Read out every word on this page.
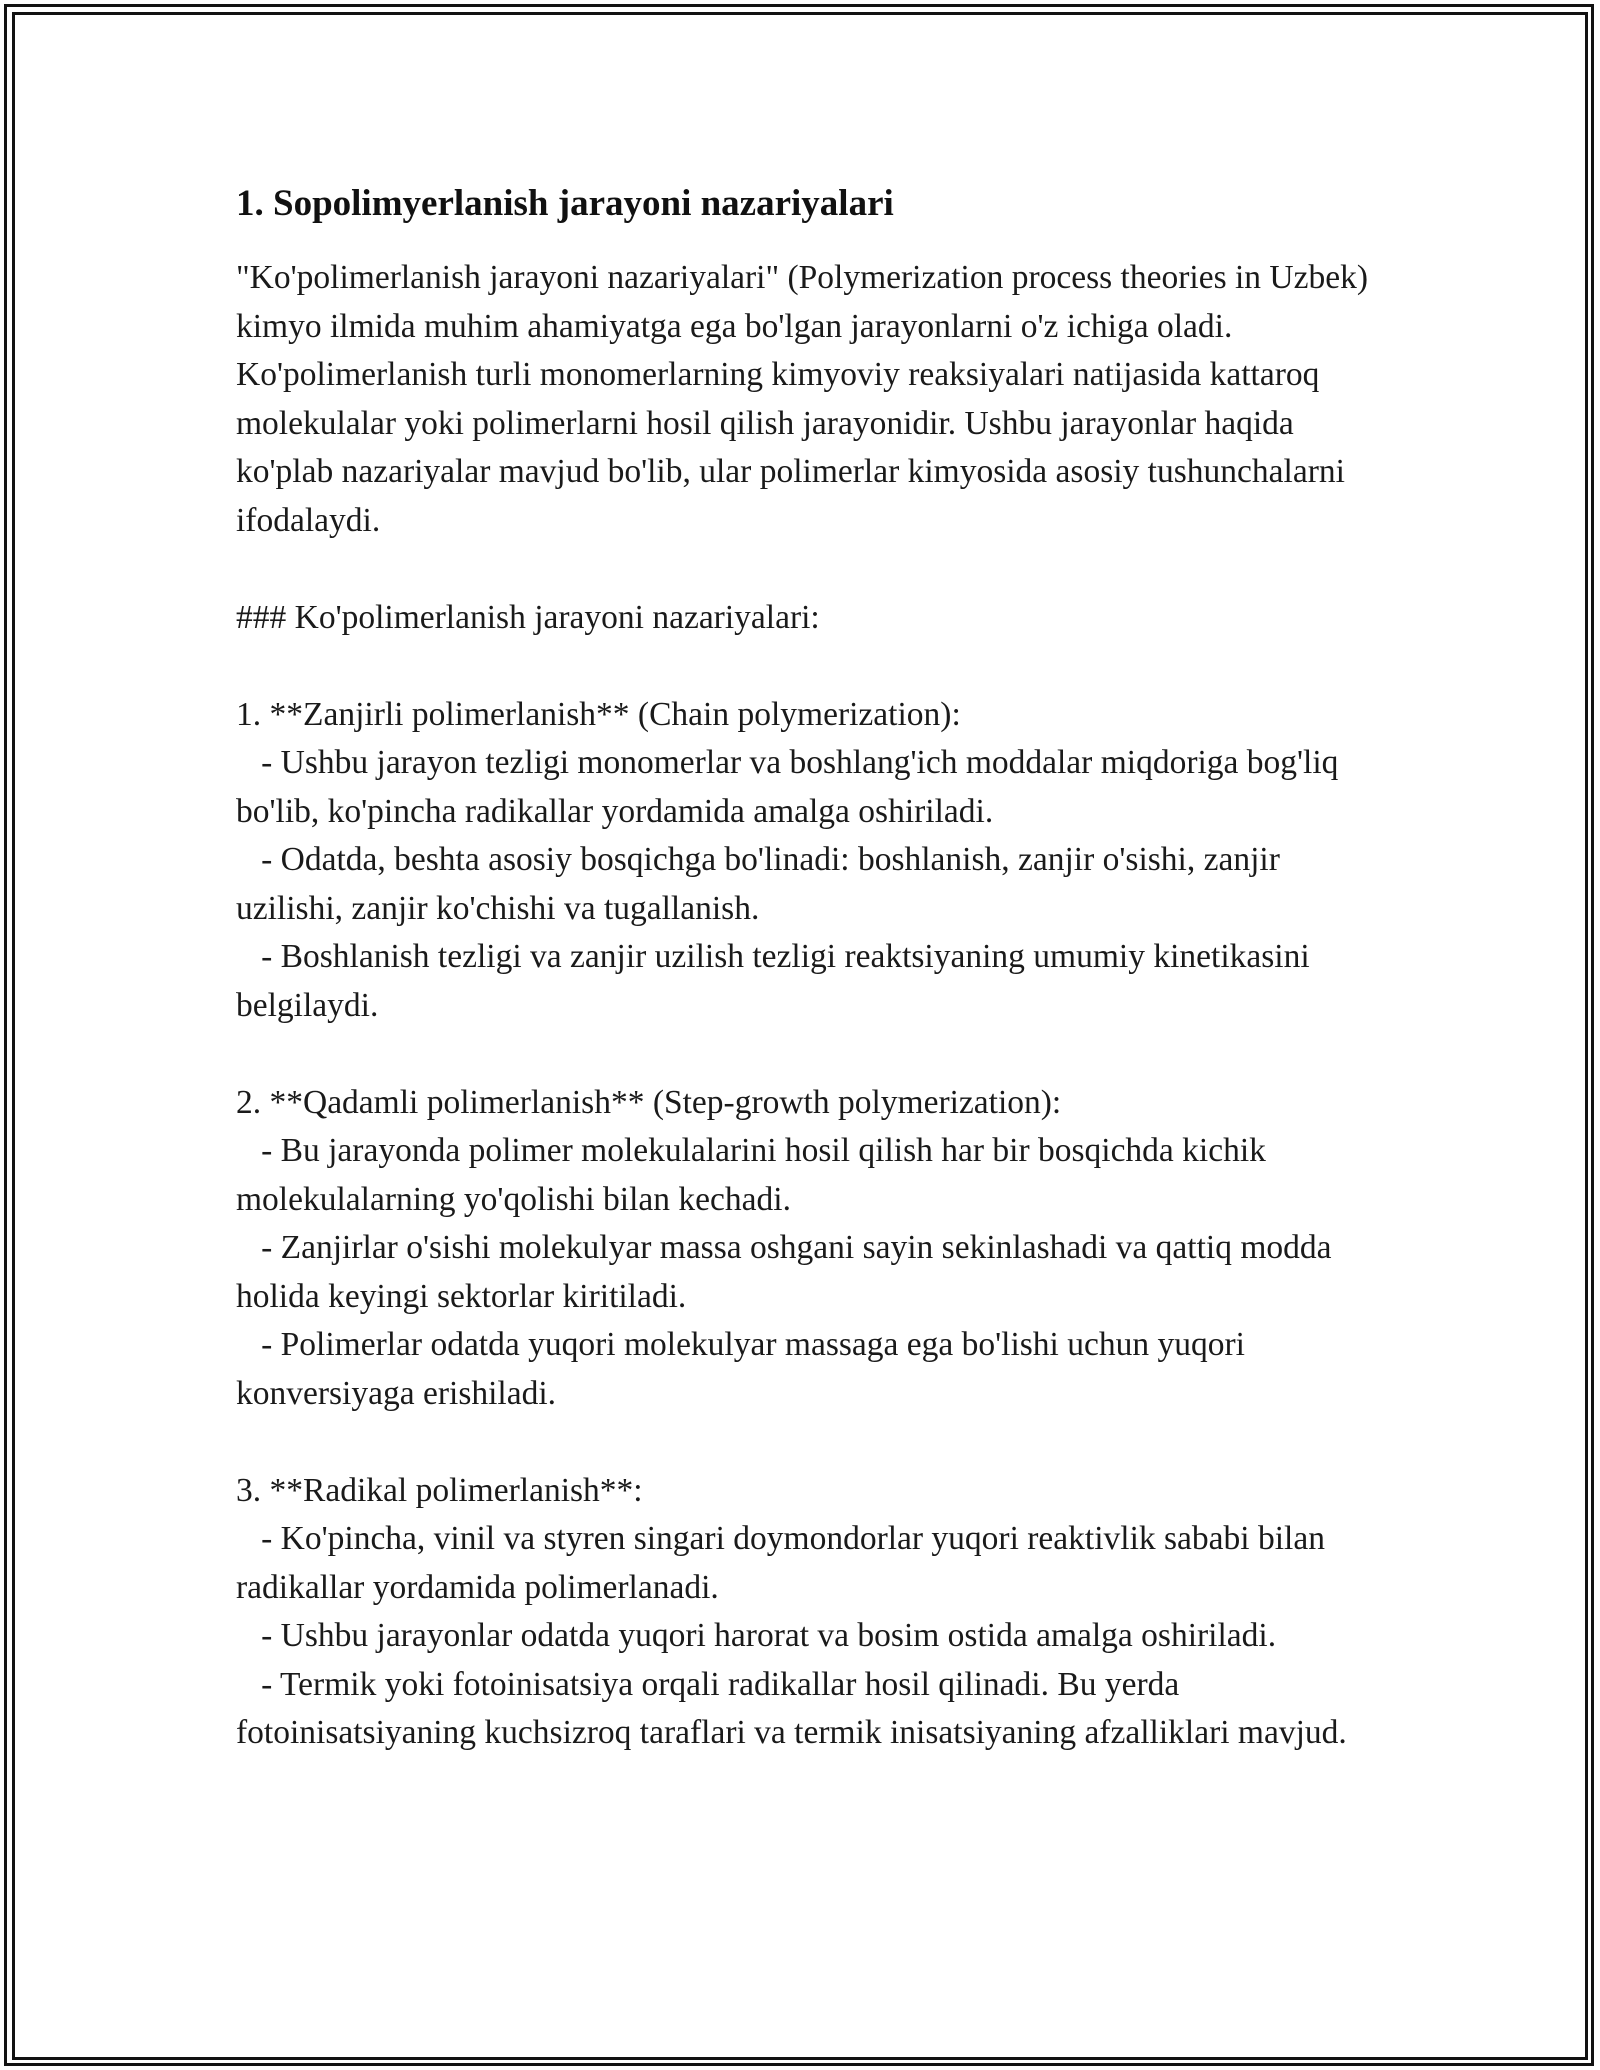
1. Sopolimyerlanish jarayoni nazariyalari

"Ko'polimerlanish jarayoni nazariyalari" (Polymerization process theories in Uzbek) kimyo ilmida muhim ahamiyatga ega bo'lgan jarayonlarni o'z ichiga oladi. Ko'polimerlanish turli monomerlarning kimyoviy reaksiyalari natijasida kattaroq molekulalar yoki polimerlarni hosil qilish jarayonidir. Ushbu jarayonlar haqida ko'plab nazariyalar mavjud bo'lib, ular polimerlar kimyosida asosiy tushunchalarni ifodalaydi.

### Ko'polimerlanish jarayoni nazariyalari:

1. **Zanjirli polimerlanish** (Chain polymerization):

- Ushbu jarayon tezligi monomerlar va boshlang'ich moddalar miqdoriga bog'liq bo'lib, ko'pincha radikallar yordamida amalga oshiriladi.

- Odatda, beshta asosiy bosqichga bo'linadi: boshlanish, zanjir o'sishi, zanjir uzilishi, zanjir ko'chishi va tugallanish.

- Boshlanish tezligi va zanjir uzilish tezligi reaktsiyaning umumiy kinetikasini belgilaydi.

2. **Qadamli polimerlanish** (Step-growth polymerization):

- Bu jarayonda polimer molekulalarini hosil qilish har bir bosqichda kichik molekulalarning yo'qolishi bilan kechadi.

- Zanjirlar o'sishi molekulyar massa oshgani sayin sekinlashadi va qattiq modda holida keyingi sektorlar kiritiladi.

- Polimerlar odatda yuqori molekulyar massaga ega bo'lishi uchun yuqori konversiyaga erishiladi.

3. **Radikal polimerlanish**:

- Ko'pincha, vinil va styren singari doymondorlar yuqori reaktivlik sababi bilan radikallar yordamida polimerlanadi.

- Ushbu jarayonlar odatda yuqori harorat va bosim ostida amalga oshiriladi.

- Termik yoki fotoinisatsiya orqali radikallar hosil qilinadi. Bu yerda fotoinisatsiyaning kuchsizroq taraflari va termik inisatsiyaning afzalliklari mavjud.
